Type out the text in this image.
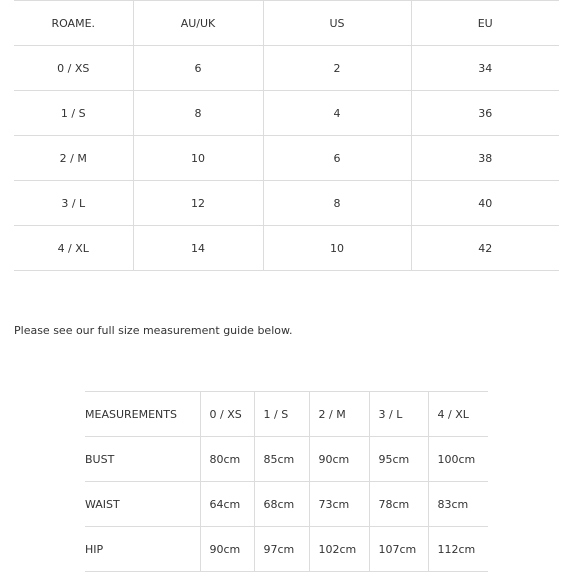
ROAME.	AU/UK	US	EU
0 / XS	6	2	34
1 / S	8	4	36
2 / M	10	6	38
3 / L	12	8	40
4 / XL	14	10	42
Please see our full size measurement guide below.
MEASUREMENTS	0 / XS	1 / S	2 / M	3 / L	4 / XL
BUST	80cm	85cm	90cm	95cm	100cm
WAIST	64cm	68cm	73cm	78cm	83cm
HIP	90cm	97cm	102cm	107cm	112cm
